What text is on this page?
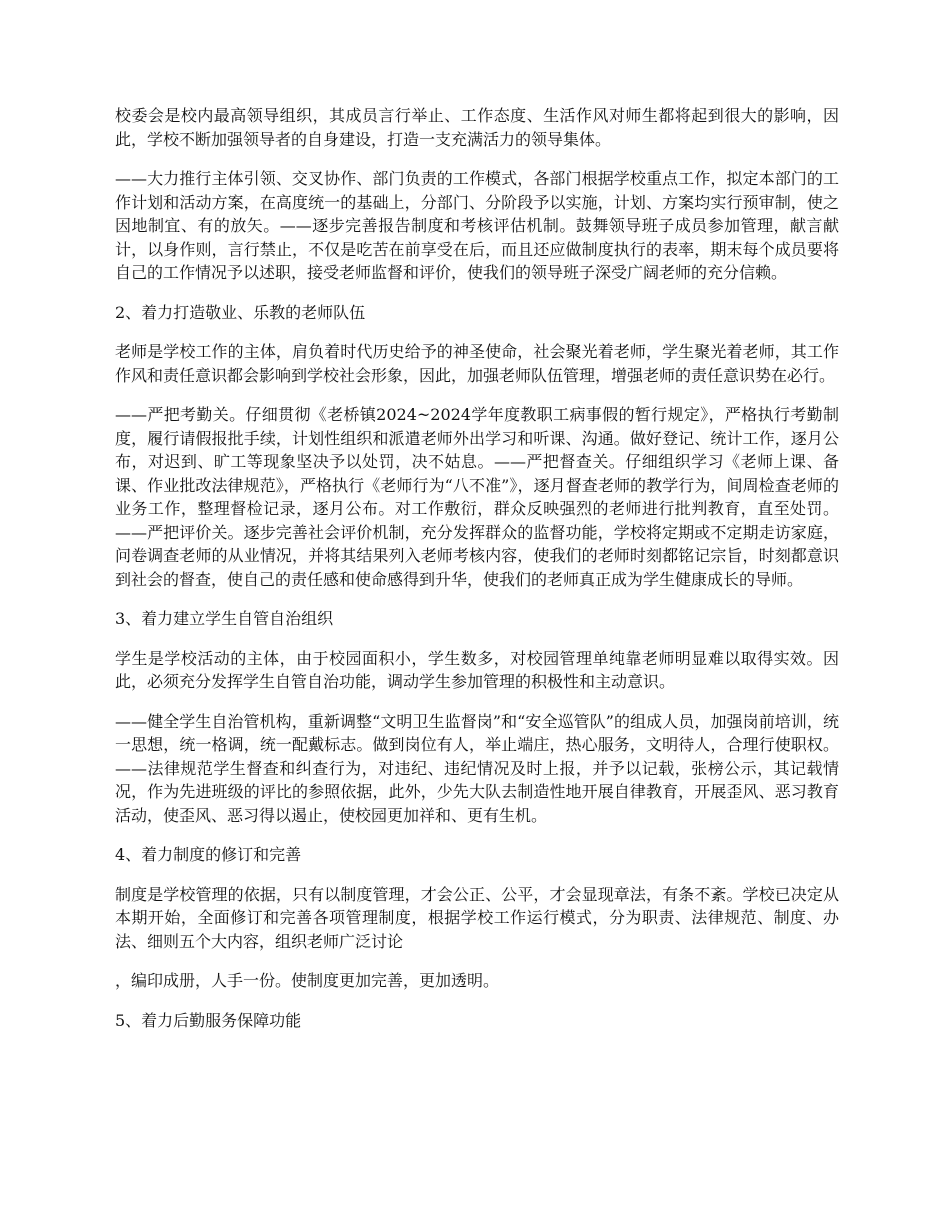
校委会是校内最高领导组织，其成员言行举止、工作态度、生活作风对师生都将起到很大的影响，因此，学校不断加强领导者的自身建设，打造一支充满活力的领导集体。

——大力推行主体引领、交叉协作、部门负责的工作模式，各部门根据学校重点工作，拟定本部门的工作计划和活动方案，在高度统一的基础上，分部门、分阶段予以实施，计划、方案均实行预审制，使之因地制宜、有的放矢。——逐步完善报告制度和考核评估机制。鼓舞领导班子成员参加管理，献言献计，以身作则，言行禁止，不仅是吃苦在前享受在后，而且还应做制度执行的表率，期末每个成员要将自己的工作情况予以述职，接受老师监督和评价，使我们的领导班子深受广阔老师的充分信赖。

2、着力打造敬业、乐教的老师队伍

老师是学校工作的主体，肩负着时代历史给予的神圣使命，社会聚光着老师，学生聚光着老师，其工作作风和责任意识都会影响到学校社会形象，因此，加强老师队伍管理，增强老师的责任意识势在必行。

——严把考勤关。仔细贯彻《老桥镇2024~2024学年度教职工病事假的暂行规定》，严格执行考勤制度，履行请假报批手续，计划性组织和派遣老师外出学习和听课、沟通。做好登记、统计工作，逐月公布，对迟到、旷工等现象坚决予以处罚，决不姑息。——严把督查关。仔细组织学习《老师上课、备课、作业批改法律规范》，严格执行《老师行为“八不准”》，逐月督查老师的教学行为，间周检查老师的业务工作，整理督检记录，逐月公布。对工作敷衍，群众反映强烈的老师进行批判教育，直至处罚。——严把评价关。逐步完善社会评价机制，充分发挥群众的监督功能，学校将定期或不定期走访家庭，问卷调查老师的从业情况，并将其结果列入老师考核内容，使我们的老师时刻都铭记宗旨，时刻都意识到社会的督查，使自己的责任感和使命感得到升华，使我们的老师真正成为学生健康成长的导师。

3、着力建立学生自管自治组织

学生是学校活动的主体，由于校园面积小，学生数多，对校园管理单纯靠老师明显难以取得实效。因此，必须充分发挥学生自管自治功能，调动学生参加管理的积极性和主动意识。

——健全学生自治管机构，重新调整“文明卫生监督岗”和“安全巡管队”的组成人员，加强岗前培训，统一思想，统一格调，统一配戴标志。做到岗位有人，举止端庄，热心服务，文明待人，合理行使职权。——法律规范学生督查和纠查行为，对违纪、违纪情况及时上报，并予以记载，张榜公示，其记载情况，作为先进班级的评比的参照依据，此外，少先大队去制造性地开展自律教育，开展歪风、恶习教育活动，使歪风、恶习得以遏止，使校园更加祥和、更有生机。

4、着力制度的修订和完善

制度是学校管理的依据，只有以制度管理，才会公正、公平，才会显现章法，有条不紊。学校已决定从本期开始，全面修订和完善各项管理制度，根据学校工作运行模式，分为职责、法律规范、制度、办法、细则五个大内容，组织老师广泛讨论

，编印成册，人手一份。使制度更加完善，更加透明。

5、着力后勤服务保障功能
